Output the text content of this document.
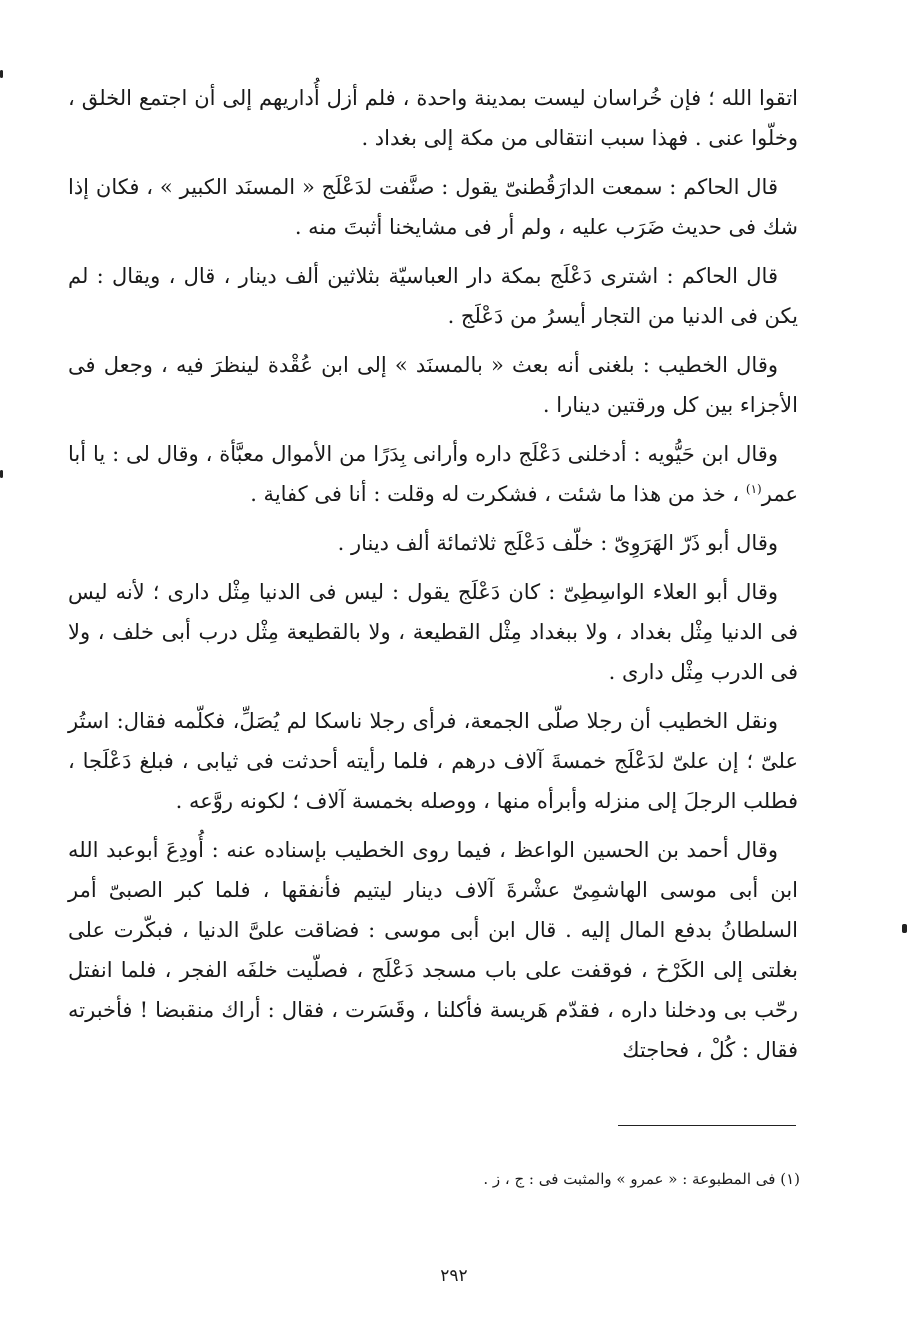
اتقوا الله ؛ فإن خُراسان ليست بمدينة واحدة ، فلم أزل أُداريهم إلى أن اجتمع الخلق ، وخلّوا عنى . فهذا سبب انتقالى من مكة إلى بغداد .

قال الحاكم : سمعت الدارَقُطنىّ يقول : صنَّفت لدَعْلَج « المسنَد الكبير » ، فكان إذا شك فى حديث ضَرَب عليه ، ولم أر فى مشايخنا أثبتَ منه .

قال الحاكم : اشترى دَعْلَج بمكة دار العباسيّة بثلاثين ألف دينار ، قال ، ويقال : لم يكن فى الدنيا من التجار أيسرُ من دَعْلَج .

وقال الخطيب : بلغنى أنه بعث « بالمسنَد » إلى ابن عُقْدة لينظرَ فيه ، وجعل فى الأجزاء بين كل ورقتين دينارا .

وقال ابن حَيُّويه : أدخلنى دَعْلَج داره وأرانى بِدَرًا من الأموال معبَّأة ، وقال لى : يا أبا عمر$^{(١)}$ ، خذ من هذا ما شئت ، فشكرت له وقلت : أنا فى كفاية .

وقال أبو ذَرّ الهَرَوِىّ : خلّف دَعْلَج ثلاثمائة ألف دينار .

وقال أبو العلاء الواسِطِىّ : كان دَعْلَج يقول : ليس فى الدنيا مِثْل دارى ؛ لأنه ليس فى الدنيا مِثْل بغداد ، ولا ببغداد مِثْل القطيعة ، ولا بالقطيعة مِثْل درب أبى خلف ، ولا فى الدرب مِثْل دارى .

ونقل الخطيب أن رجلا صلّى الجمعة، فرأى رجلا ناسكا لم يُصَلِّ، فكلّمه فقال: استُر علىّ ؛ إن علىّ لدَعْلَج خمسةَ آلاف درهم ، فلما رأيته أحدثت فى ثيابى ، فبلغ دَعْلَجا ، فطلب الرجلَ إلى منزله وأبرأه منها ، ووصله بخمسة آلاف ؛ لكونه روَّعه .

وقال أحمد بن الحسين الواعظ ، فيما روى الخطيب بإسناده عنه : أُودِعَ أبوعبد الله ابن أبى موسى الهاشمِىّ عشْرةَ آلاف دينار ليتيم فأنفقها ، فلما كبر الصبىّ أمر السلطانُ بدفع المال إليه . قال ابن أبى موسى : فضاقت علىَّ الدنيا ، فبكّرت على بغلتى إلى الكَرْخ ، فوقفت على باب مسجد دَعْلَج ، فصلّيت خلفَه الفجر ، فلما انفتل رحّب بى ودخلنا داره ، فقدّم هَريسة فأكلنا ، وقَسَرت ، فقال : أراك منقبضا ! فأخبرته فقال : كُلْ ، فحاجتك

(١) فى المطبوعة : « عمرو » والمثبت فى : ج ، ز .
٢٩٢
